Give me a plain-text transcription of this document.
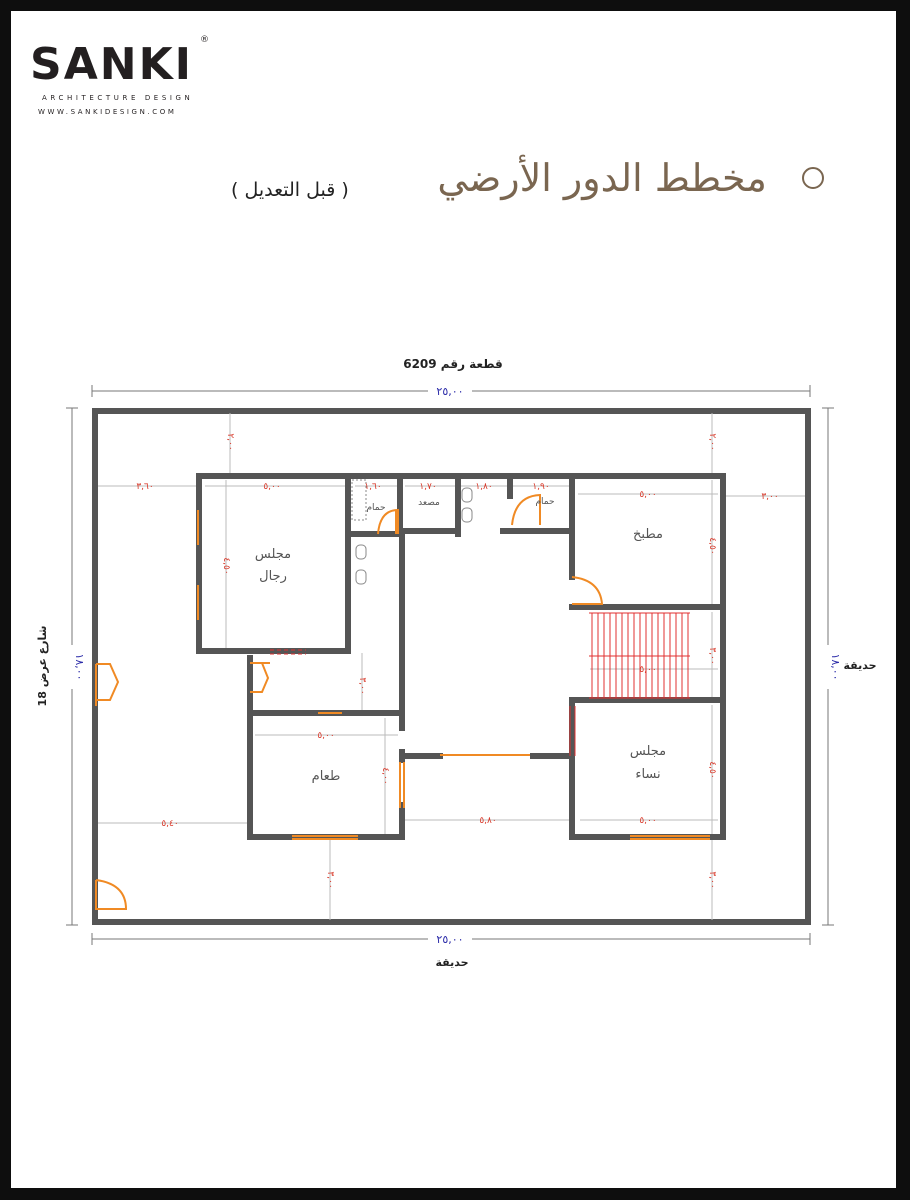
SANKI ®
ARCHITECTURE DESIGN
WWW.SANKIDESIGN.COM
مخطط الدور الأرضي
( قبل التعديل )
قطعة رقم 6209
٢٥,٠٠
٢٥,٠٠
حديقة
١٨,٠٠
شارع عرض 18	١٨,٠٠ حديقة
مجلس
رجال
مطبخ
مجلس
نساء
طعام
حمام
حمام
مصعد
٢,٠٠	٢,٠٠
٣,٦٠
٣,٠٠
٥,٠٠
٤,٥٠
١,٦٠	١,٧٠	١,٨٠	١,٩٠
٥,٠٠
٤,٥٠
٥,٠٠
٣,٠٠
٣,٠٠
٥,٠٠
٤,٠٠
٥,٠٠
٤,٥٠
٥,٤٠	٥,٨٠
٣,٠٠	٣,٠٠
